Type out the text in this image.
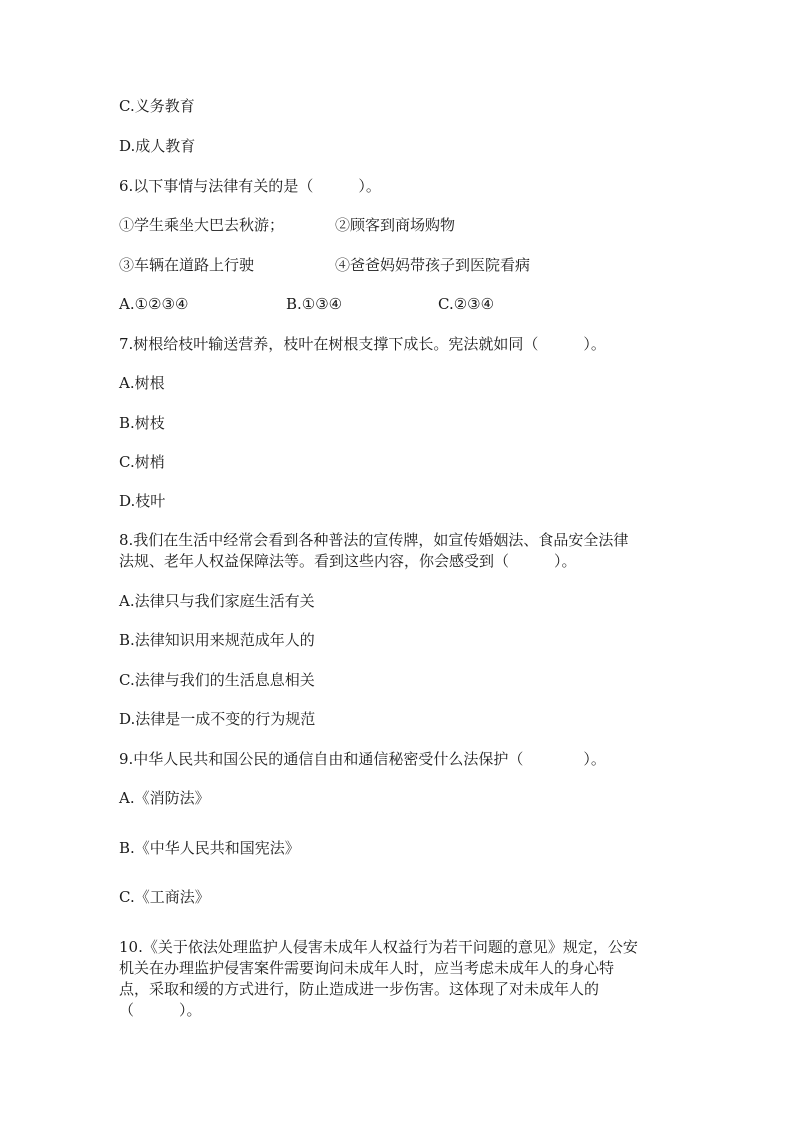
C.义务教育
D.成人教育
6.以下事情与法律有关的是（　　　）。
①学生乘坐大巴去秋游；	②顾客到商场购物
③车辆在道路上行驶	④爸爸妈妈带孩子到医院看病
A.①②③④	B.①③④	C.②③④
7.树根给枝叶输送营养，枝叶在树根支撑下成长。宪法就如同（　　　）。
A.树根
B.树枝
C.树梢
D.枝叶
8.我们在生活中经常会看到各种普法的宣传牌，如宣传婚姻法、食品安全法律
法规、老年人权益保障法等。看到这些内容，你会感受到（　　　）。
A.法律只与我们家庭生活有关
B.法律知识用来规范成年人的
C.法律与我们的生活息息相关
D.法律是一成不变的行为规范
9.中华人民共和国公民的通信自由和通信秘密受什么法保护（　　　　）。
A.《消防法》
B.《中华人民共和国宪法》
C.《工商法》
10.《关于依法处理监护人侵害未成年人权益行为若干问题的意见》规定，公安
机关在办理监护侵害案件需要询问未成年人时，应当考虑未成年人的身心特
点，采取和缓的方式进行，防止造成进一步伤害。这体现了对未成年人的
（　　　）。
